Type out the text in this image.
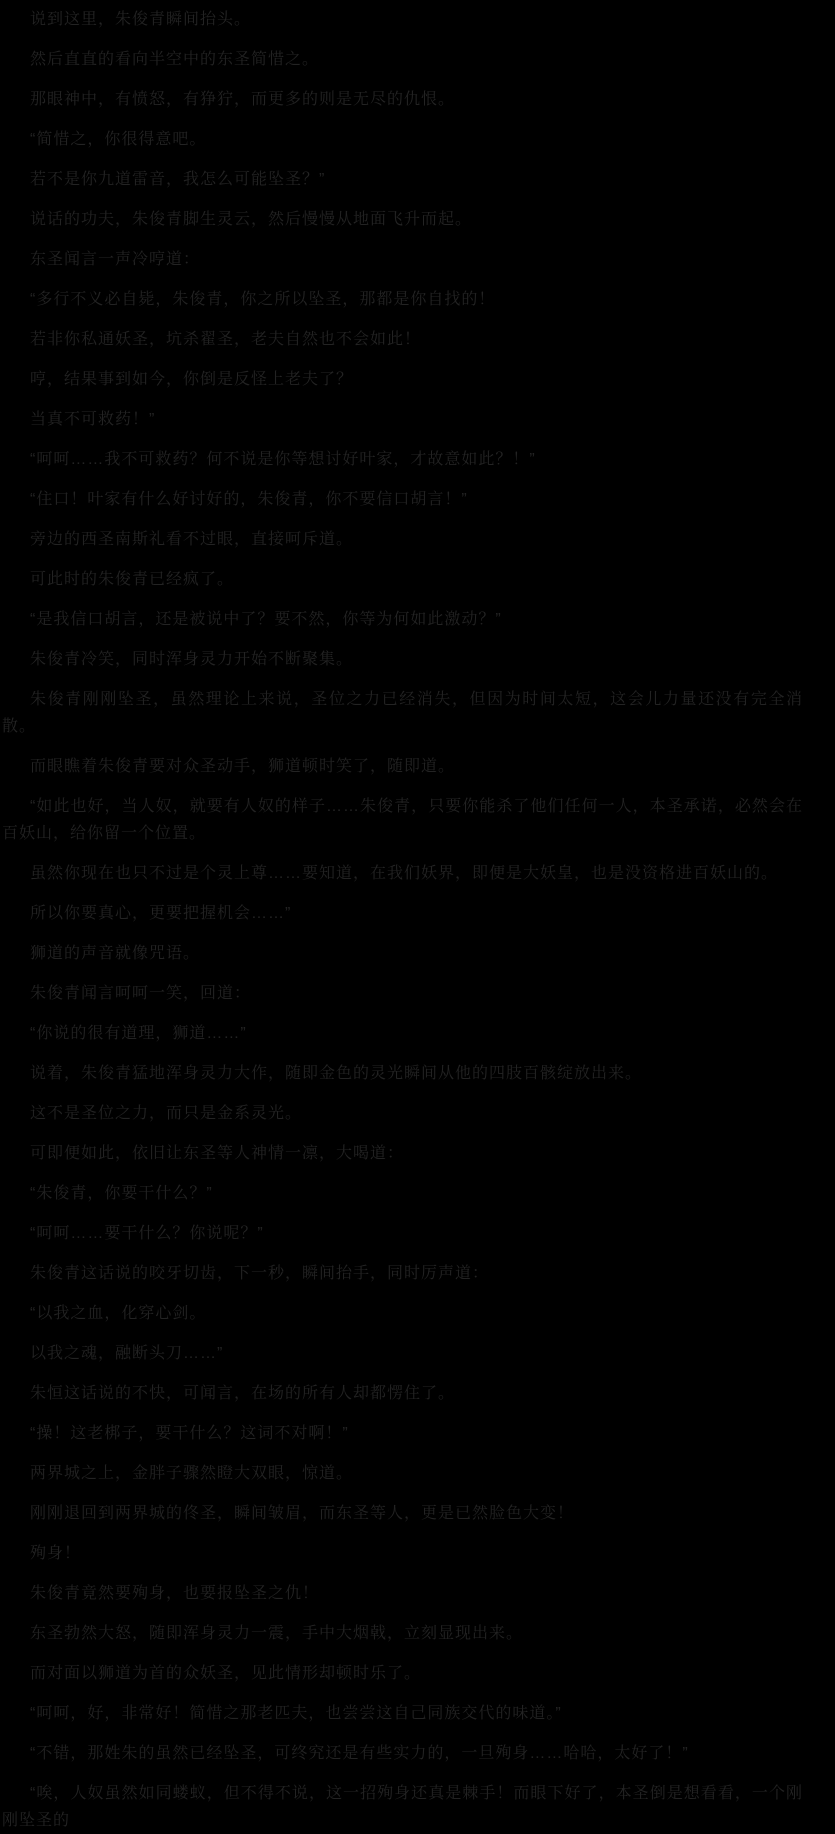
说到这里，朱俊青瞬间抬头。

然后直直的看向半空中的东圣简惜之。

那眼神中，有愤怒，有狰狞，而更多的则是无尽的仇恨。

“简惜之，你很得意吧。

若不是你九道雷音，我怎么可能坠圣？”

说话的功夫，朱俊青脚生灵云，然后慢慢从地面飞升而起。

东圣闻言一声冷哼道：

“多行不义必自毙，朱俊青，你之所以坠圣，那都是你自找的！

若非你私通妖圣，坑杀翟圣，老夫自然也不会如此！

哼，结果事到如今，你倒是反怪上老夫了？

当真不可救药！”

“呵呵……我不可救药？何不说是你等想讨好叶家，才故意如此？！”

“住口！叶家有什么好讨好的，朱俊青，你不要信口胡言！”

旁边的西圣南斯礼看不过眼，直接呵斥道。

可此时的朱俊青已经疯了。

“是我信口胡言，还是被说中了？要不然，你等为何如此激动？”

朱俊青冷笑，同时浑身灵力开始不断聚集。

朱俊青刚刚坠圣，虽然理论上来说，圣位之力已经消失，但因为时间太短，这会儿力量还没有完全消散。

而眼瞧着朱俊青要对众圣动手，狮道顿时笑了，随即道。

“如此也好，当人奴，就要有人奴的样子……朱俊青，只要你能杀了他们任何一人，本圣承诺，必然会在百妖山，给你留一个位置。

虽然你现在也只不过是个灵上尊……要知道，在我们妖界，即便是大妖皇，也是没资格进百妖山的。

所以你要真心，更要把握机会……”

狮道的声音就像咒语。

朱俊青闻言呵呵一笑，回道：

“你说的很有道理，狮道……”

说着，朱俊青猛地浑身灵力大作，随即金色的灵光瞬间从他的四肢百骸绽放出来。

这不是圣位之力，而只是金系灵光。

可即便如此，依旧让东圣等人神情一凛，大喝道：

“朱俊青，你要干什么？”

“呵呵……要干什么？你说呢？”

朱俊青这话说的咬牙切齿，下一秒，瞬间抬手，同时厉声道：

“以我之血，化穿心剑。

以我之魂，融断头刀……”

朱恒这话说的不快，可闻言，在场的所有人却都愣住了。

“操！这老梆子，要干什么？这词不对啊！”

两界城之上，金胖子骤然瞪大双眼，惊道。

刚刚退回到两界城的佟圣，瞬间皱眉，而东圣等人，更是已然脸色大变！

殉身！

朱俊青竟然要殉身，也要报坠圣之仇！

东圣勃然大怒，随即浑身灵力一震，手中大烟戟，立刻显现出来。

而对面以狮道为首的众妖圣，见此情形却顿时乐了。

“呵呵，好，非常好！简惜之那老匹夫，也尝尝这自己同族交代的味道。”

“不错，那姓朱的虽然已经坠圣，可终究还是有些实力的，一旦殉身……哈哈，太好了！”

“唉，人奴虽然如同蝼蚁，但不得不说，这一招殉身还真是棘手！而眼下好了，本圣倒是想看看，一个刚刚坠圣的
